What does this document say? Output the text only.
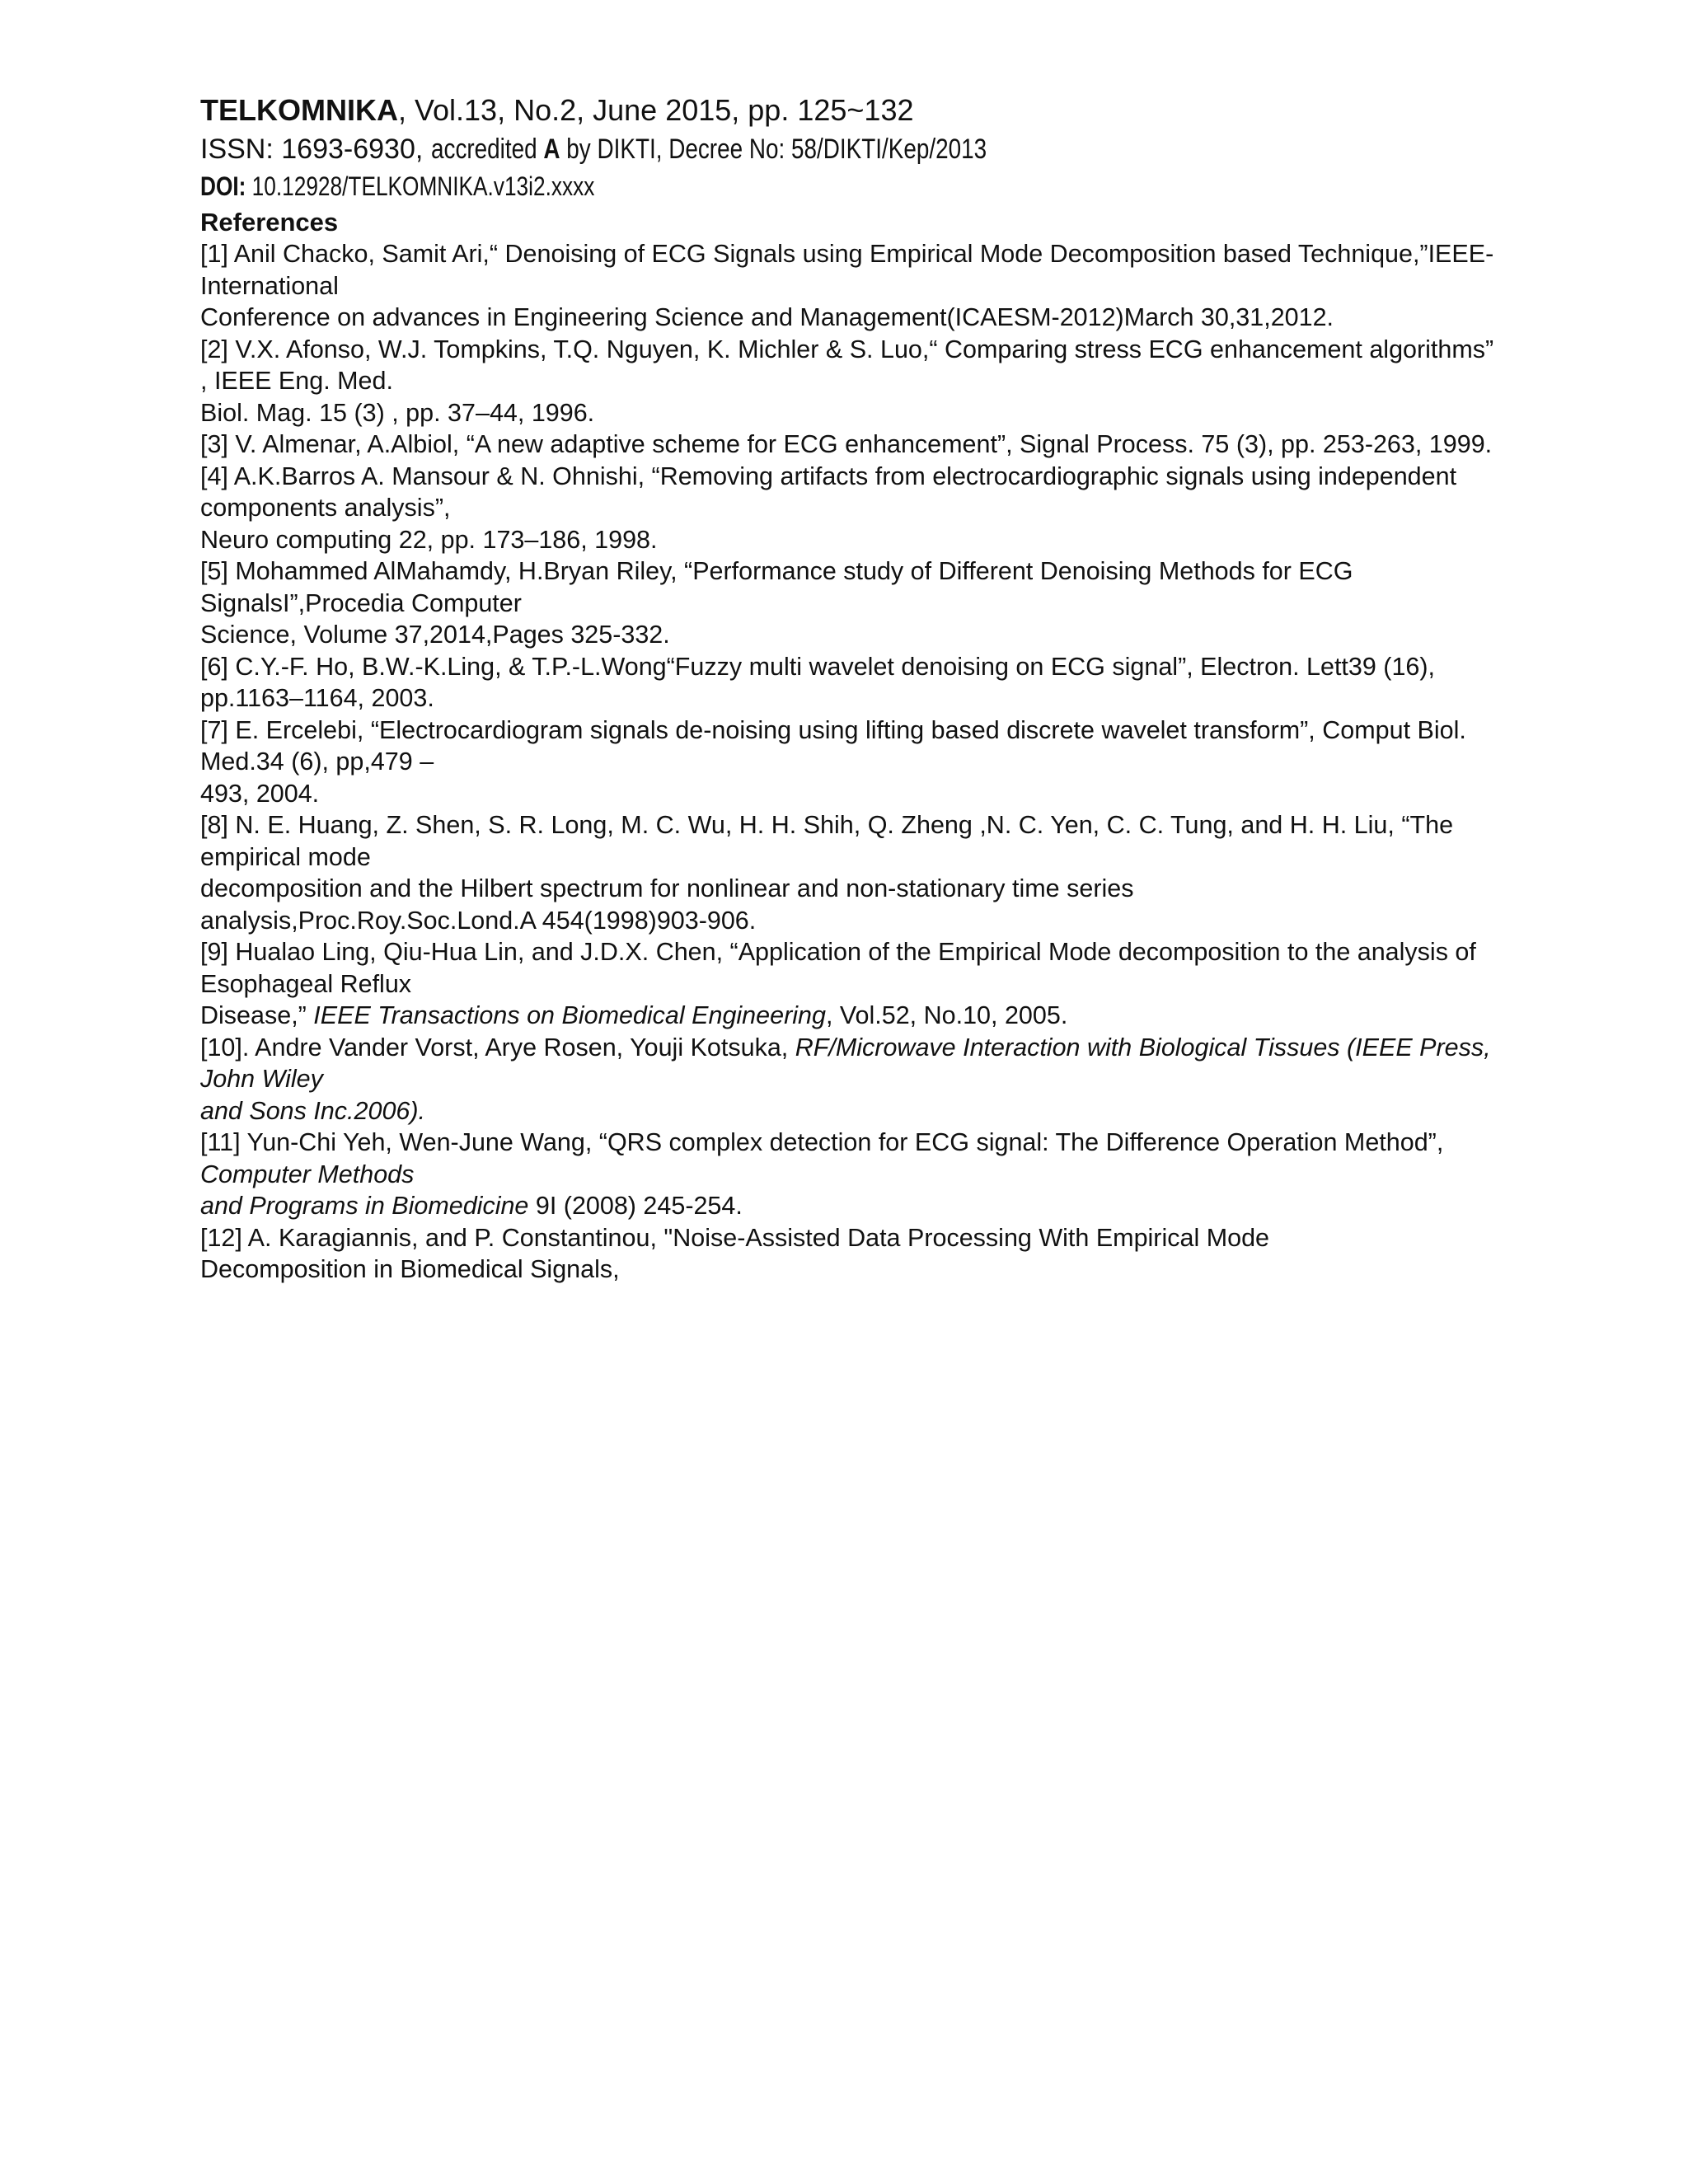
TELKOMNIKA, Vol.13, No.2, June 2015, pp. 125~132
ISSN: 1693-6930, accredited A by DIKTI, Decree No: 58/DIKTI/Kep/2013
DOI: 10.12928/TELKOMNIKA.v13i2.xxxx
References
[1] Anil Chacko, Samit Ari,“ Denoising of ECG Signals using Empirical Mode Decomposition based Technique,”IEEE- International
Conference on advances in Engineering Science and Management(ICAESM-2012)March 30,31,2012.
[2] V.X. Afonso, W.J. Tompkins, T.Q. Nguyen, K. Michler & S. Luo,“ Comparing stress ECG enhancement algorithms” , IEEE Eng. Med.
Biol. Mag. 15 (3) , pp. 37–44, 1996.
[3] V. Almenar, A.Albiol, “A new adaptive scheme for ECG enhancement”, Signal Process. 75 (3), pp. 253-263, 1999.
[4] A.K.Barros A. Mansour & N. Ohnishi, “Removing artifacts from electrocardiographic signals using independent components analysis”,
Neuro computing 22, pp. 173–186, 1998.
[5] Mohammed AlMahamdy, H.Bryan Riley, “Performance study of Different Denoising Methods for ECG SignalsI”,Procedia Computer
Science, Volume 37,2014,Pages 325-332.
[6] C.Y.-F. Ho, B.W.-K.Ling, & T.P.-L.Wong“Fuzzy multi wavelet denoising on ECG signal”, Electron. Lett39 (16), pp.1163–1164, 2003.
[7] E. Ercelebi, “Electrocardiogram signals de-noising using lifting based discrete wavelet transform”, Comput Biol. Med.34 (6), pp,479 –
493, 2004.
[8] N. E. Huang, Z. Shen, S. R. Long, M. C. Wu, H. H. Shih, Q. Zheng ,N. C. Yen, C. C. Tung, and H. H. Liu, “The empirical mode
decomposition and the Hilbert spectrum for nonlinear and non-stationary time series
analysis,Proc.Roy.Soc.Lond.A 454(1998)903-906.
[9] Hualao Ling, Qiu-Hua Lin, and J.D.X. Chen, “Application of the Empirical Mode decomposition to the analysis of Esophageal Reflux
Disease,” IEEE Transactions on Biomedical Engineering, Vol.52, No.10, 2005.
[10]. Andre Vander Vorst, Arye Rosen, Youji Kotsuka, RF/Microwave Interaction with Biological Tissues (IEEE Press, John Wiley
and Sons Inc.2006).
[11] Yun-Chi Yeh, Wen-June Wang, “QRS complex detection for ECG signal: The Difference Operation Method”, Computer Methods
and Programs in Biomedicine 9I (2008) 245-254.
[12] A. Karagiannis, and P. Constantinou, "Noise-Assisted Data Processing With Empirical Mode
Decomposition in Biomedical Signals,
